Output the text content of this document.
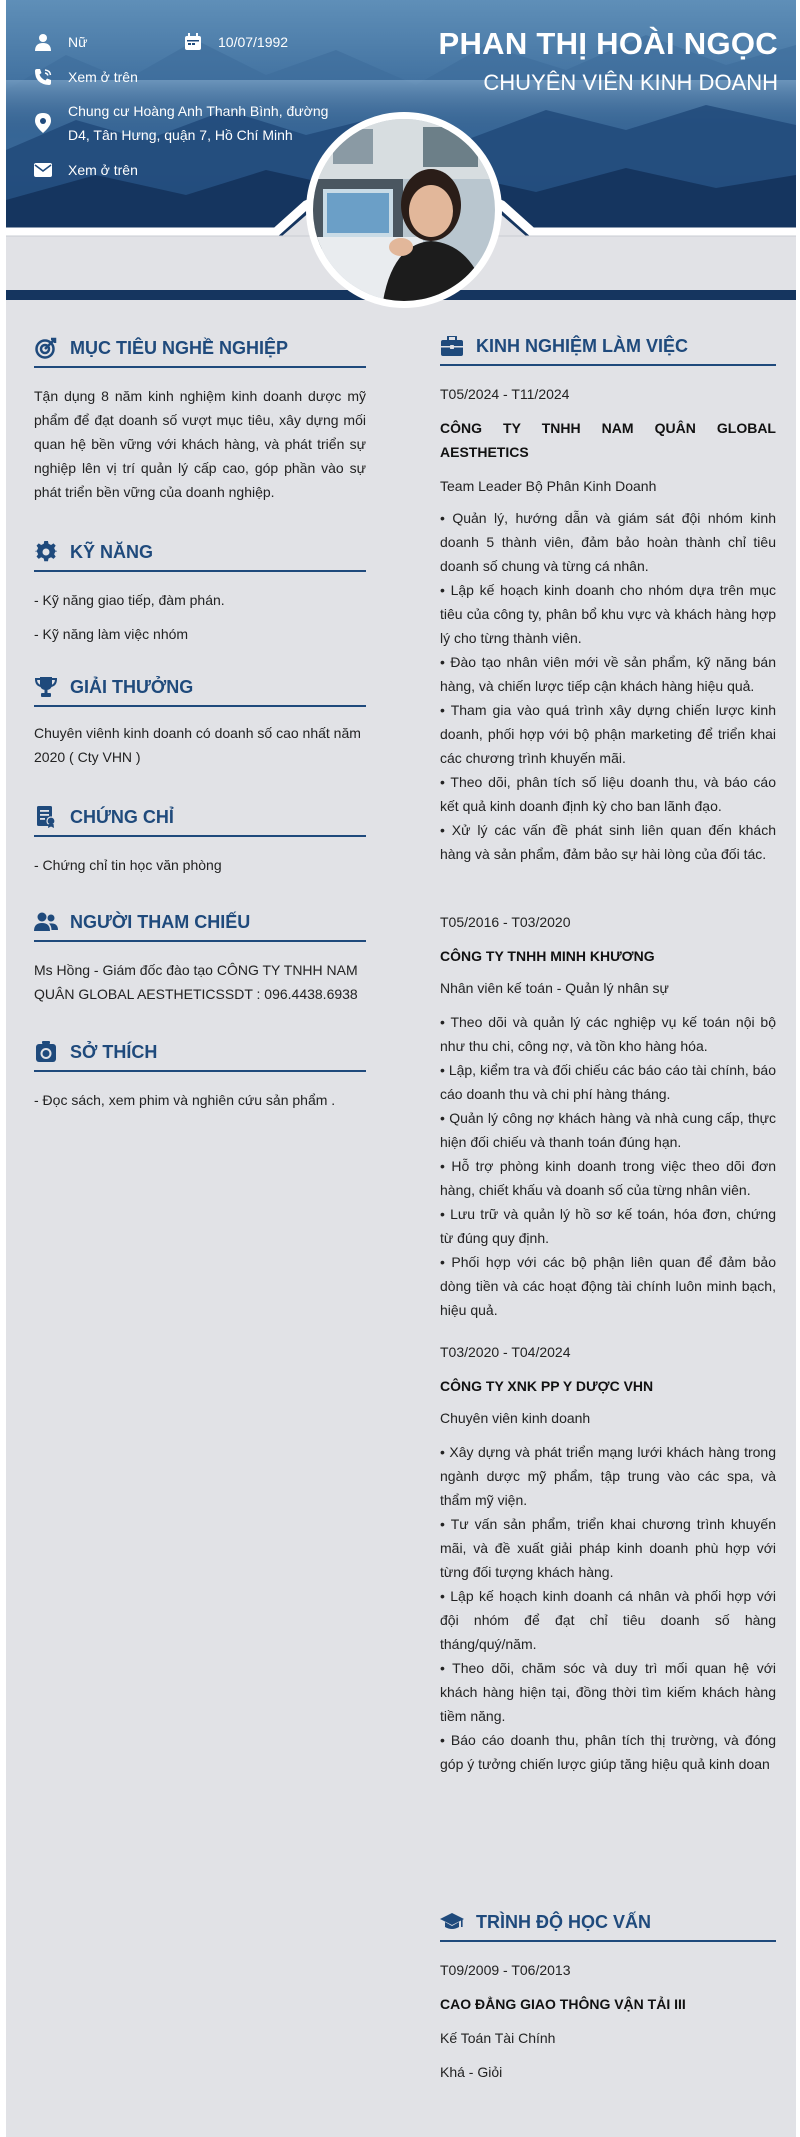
Nữ	10/07/1992
Xem ở trên
Chung cư Hoàng Anh Thanh Bình, đường D4, Tân Hưng, quận 7, Hồ Chí Minh
Xem ở trên
PHAN THỊ HOÀI NGỌC
CHUYÊN VIÊN KINH DOANH
MỤC TIÊU NGHỀ NGHIỆP
Tận dụng 8 năm kinh nghiệm kinh doanh dược mỹ phẩm để đạt doanh số vượt mục tiêu, xây dựng mối quan hệ bền vững với khách hàng, và phát triển sự nghiệp lên vị trí quản lý cấp cao, góp phần vào sự phát triển bền vững của doanh nghiệp.
KỸ NĂNG
- Kỹ năng giao tiếp, đàm phán.
- Kỹ năng làm việc nhóm
GIẢI THƯỞNG
Chuyên viênh kinh doanh có doanh số cao nhất năm 2020 ( Cty VHN )
CHỨNG CHỈ
- Chứng chỉ tin học văn phòng
NGƯỜI THAM CHIẾU
Ms Hồng - Giám đốc đào tạo CÔNG TY TNHH NAM QUÂN GLOBAL AESTHETICSSDT : 096.4438.6938
SỞ THÍCH
- Đọc sách, xem phim và nghiên cứu sản phẩm .
KINH NGHIỆM LÀM VIỆC
T05/2024 - T11/2024
CÔNG TY TNHH NAM QUÂN GLOBAL AESTHETICS
Team Leader Bộ Phân Kinh Doanh
• Quản lý, hướng dẫn và giám sát đội nhóm kinh doanh 5 thành viên, đảm bảo hoàn thành chỉ tiêu doanh số chung và từng cá nhân.
• Lập kế hoạch kinh doanh cho nhóm dựa trên mục tiêu của công ty, phân bổ khu vực và khách hàng hợp lý cho từng thành viên.
• Đào tạo nhân viên mới về sản phẩm, kỹ năng bán hàng, và chiến lược tiếp cận khách hàng hiệu quả.
• Tham gia vào quá trình xây dựng chiến lược kinh doanh, phối hợp với bộ phận marketing để triển khai các chương trình khuyến mãi.
• Theo dõi, phân tích số liệu doanh thu, và báo cáo kết quả kinh doanh định kỳ cho ban lãnh đạo.
• Xử lý các vấn đề phát sinh liên quan đến khách hàng và sản phẩm, đảm bảo sự hài lòng của đối tác.
T05/2016 - T03/2020
CÔNG TY TNHH MINH KHƯƠNG
Nhân viên kế toán - Quản lý nhân sự
• Theo dõi và quản lý các nghiệp vụ kế toán nội bộ như thu chi, công nợ, và tồn kho hàng hóa.
• Lập, kiểm tra và đối chiếu các báo cáo tài chính, báo cáo doanh thu và chi phí hàng tháng.
• Quản lý công nợ khách hàng và nhà cung cấp, thực hiện đối chiếu và thanh toán đúng hạn.
• Hỗ trợ phòng kinh doanh trong việc theo dõi đơn hàng, chiết khấu và doanh số của từng nhân viên.
• Lưu trữ và quản lý hồ sơ kế toán, hóa đơn, chứng từ đúng quy định.
• Phối hợp với các bộ phận liên quan để đảm bảo dòng tiền và các hoạt động tài chính luôn minh bạch, hiệu quả.
T03/2020 - T04/2024
CÔNG TY XNK PP Y DƯỢC VHN
Chuyên viên kinh doanh
• Xây dựng và phát triển mạng lưới khách hàng trong ngành dược mỹ phẩm, tập trung vào các spa, và thẩm mỹ viện.
• Tư vấn sản phẩm, triển khai chương trình khuyến mãi, và đề xuất giải pháp kinh doanh phù hợp với từng đối tượng khách hàng.
• Lập kế hoạch kinh doanh cá nhân và phối hợp với đội nhóm để đạt chỉ tiêu doanh số hàng tháng/quý/năm.
• Theo dõi, chăm sóc và duy trì mối quan hệ với khách hàng hiện tại, đồng thời tìm kiếm khách hàng tiềm năng.
• Báo cáo doanh thu, phân tích thị trường, và đóng góp ý tưởng chiến lược giúp tăng hiệu quả kinh doan
TRÌNH ĐỘ HỌC VẤN
T09/2009 - T06/2013
CAO ĐẲNG GIAO THÔNG VẬN TẢI III
Kế Toán Tài Chính
Khá - Giỏi
